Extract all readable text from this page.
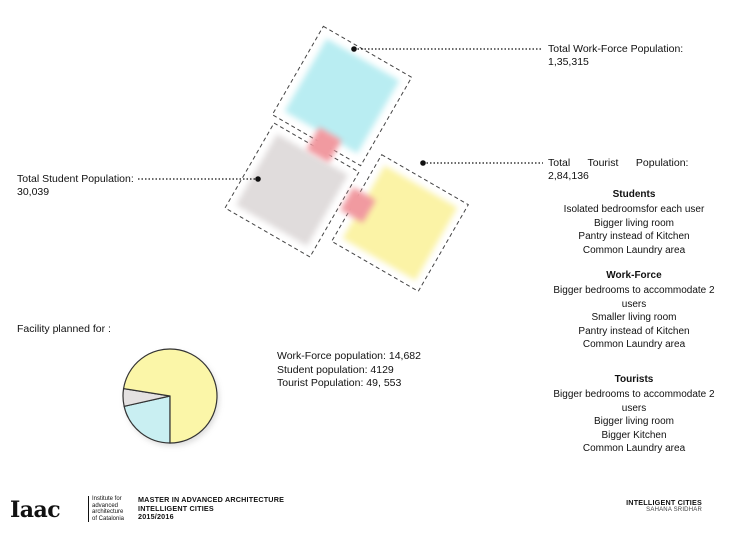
Total Work-Force Population:
1,35,315
Total      Tourist      Population:
2,84,136
Total Student Population:
30,039
Facility planned for :
Work-Force population: 14,682
Student population: 4129
Tourist Population: 49, 553
Students
Isolated bedroomsfor each user
Bigger living room
Pantry instead of Kitchen
Common Laundry area
Work-Force
Bigger bedrooms to accommodate 2
users
Smaller living room
Pantry instead of Kitchen
Common Laundry area
Tourists
Bigger bedrooms to accommodate 2
users
Bigger living room
Bigger Kitchen
Common Laundry area
Iaac	Institute for
advanced
architecture
of Catalonia
MASTER IN ADVANCED ARCHITECTURE
INTELLIGENT CITIES
2015/2016
INTELLIGENT CITIES
SAHANA SRIDHAR
